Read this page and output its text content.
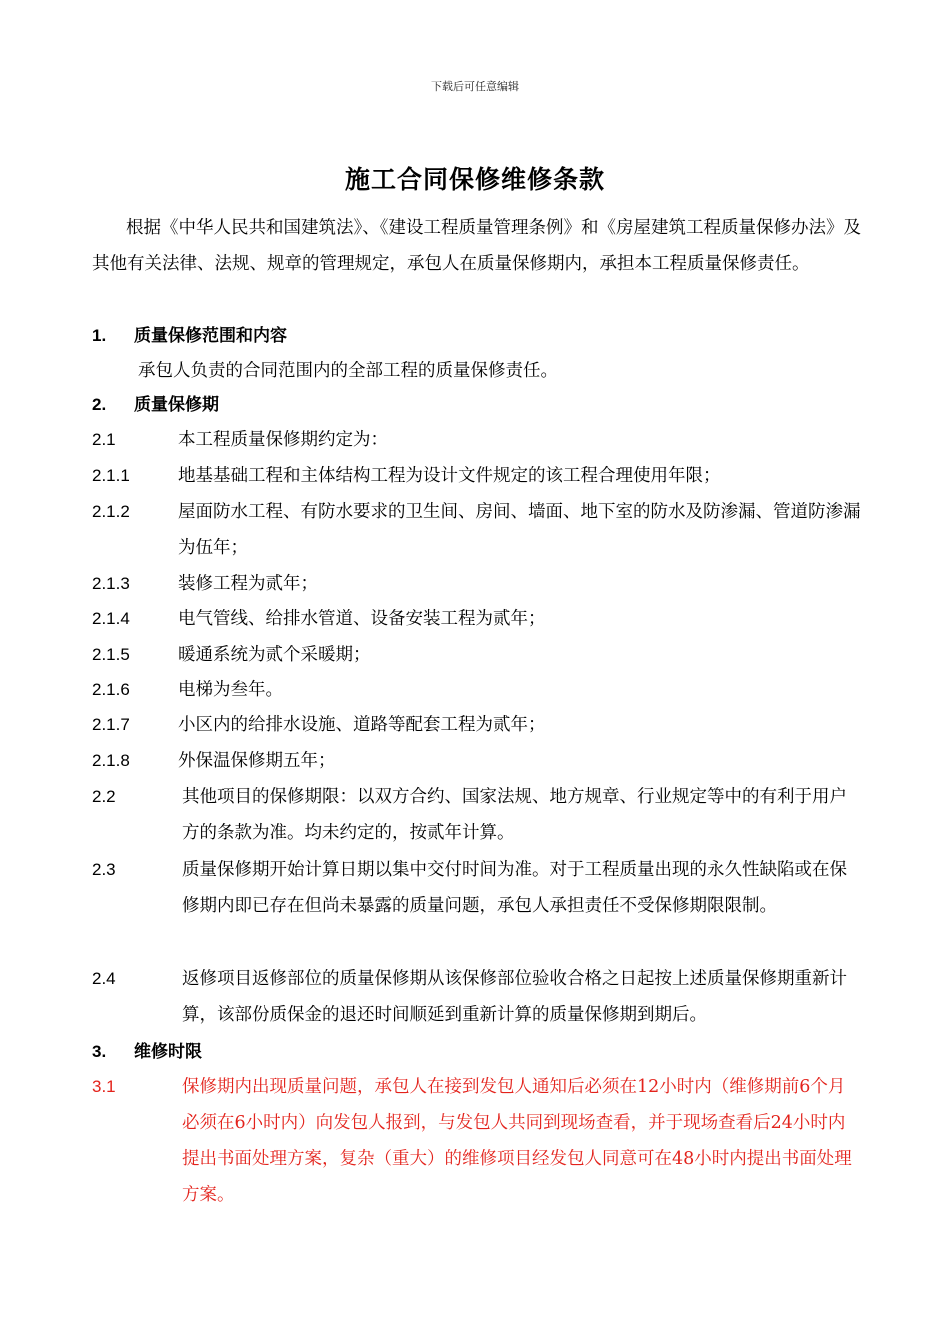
下载后可任意编辑
施工合同保修维修条款

根据《中华人民共和国建筑法》、《建设工程质量管理条例》和《房屋建筑工程质量保修办法》及其他有关法律、法规、规章的管理规定，承包人在质量保修期内，承担本工程质量保修责任。

1. 质量保修范围和内容
承包人负责的合同范围内的全部工程的质量保修责任。
2. 质量保修期
2.1	本工程质量保修期约定为：
2.1.1	地基基础工程和主体结构工程为设计文件规定的该工程合理使用年限；
2.1.2	屋面防水工程、有防水要求的卫生间、房间、墙面、地下室的防水及防渗漏、管道防渗漏为伍年；
2.1.3	装修工程为贰年；
2.1.4	电气管线、给排水管道、设备安装工程为贰年；
2.1.5	暖通系统为贰个采暖期；
2.1.6	电梯为叁年。
2.1.7	小区内的给排水设施、道路等配套工程为贰年；
2.1.8	外保温保修期五年；
2.2	其他项目的保修期限：以双方合约、国家法规、地方规章、行业规定等中的有利于用户方的条款为准。均未约定的，按贰年计算。
2.3	质量保修期开始计算日期以集中交付时间为准。对于工程质量出现的永久性缺陷或在保修期内即已存在但尚未暴露的质量问题，承包人承担责任不受保修期限限制。
2.4	返修项目返修部位的质量保修期从该保修部位验收合格之日起按上述质量保修期重新计算，该部份质保金的退还时间顺延到重新计算的质量保修期到期后。
3. 维修时限
3.1	保修期内出现质量问题，承包人在接到发包人通知后必须在12小时内（维修期前6个月必须在6小时内）向发包人报到，与发包人共同到现场查看，并于现场查看后24小时内提出书面处理方案，复杂（重大）的维修项目经发包人同意可在48小时内提出书面处理方案。
